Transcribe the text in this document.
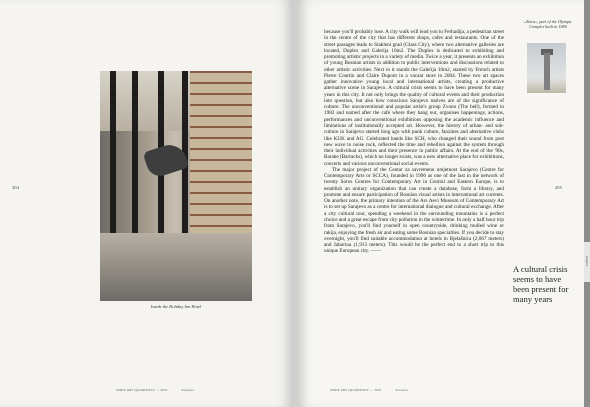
204
Inside the Holiday Inn Hotel
SPIKE ART QUARTERLY — 2019	Sarajevo

because you'll probably lose. A city walk will lead you to Ferhadija, a pedestrian street in the centre of the city that has different shops, cafes and restaurants. One of the street passages leads to Stakleni grad (Glass City), where two alternative galleries are located, Duplex and Galerija 10m2. The Duplex is dedicated to exhibiting and promoting artistic projects in a variety of media. Twice a year, it presents an exhibition of young Bosnian artists in addition to public interventions and discussions related to other artistic activities. Next to it stands the Galerija 10m2, started by French artists Pierre Courtin and Claire Dupont in a vacant store in 2004. These two art spaces gather innovative young local and international artists, creating a productive alternative scene in Sarajevo. A cultural crisis seems to have been present for many years in this city. It not only brings the quality of cultural events and their production into question, but also how conscious Sarajevo natives are of the significance of culture. The unconventional and popular artist's group Zvono (The bell), formed in 1982 and named after the café where they hang out, organises happenings, actions, performances and unconventional exhibitions opposing the academic influence and limitations of institutionally accepted art. However, the history of urban- and sub-culture in Sarajevo started long ago with punk culture, fanzines and alternative clubs like KUK and AG. Celebrated bands like SCH, who changed their sound from post new wave to noise rock, reflected the time and rebellion against the system through their individual activities and their presence in public affairs. At the end of the '90s, Barake (Barracks), which no longer exists, was a new alternative place for exhibitions, concerts and various unconventional social events.

The major project of the Centar za savremenu umjetnost Sarajevo (Centre for Contemporary Arts or SCCA), founded in 1996 as one of the last in the network of twenty Soros Centres for Contemporary Art in Central and Eastern Europe, is to establish an unitary organization that can create a database, form a library, and promote and ensure participation of Bosnian visual artists in international art currents. On another note, the primary intention of the Ars Aevi Museum of Contemporary Art is to set up Sarajevo as a centre for international dialogue and cultural exchange. After a city cultural tour, spending a weekend in the surrounding mountains is a perfect choice and a great escape from city pollution in the wintertime. In only a half hour trip from Sarajevo, you'll find yourself in open countryside, drinking mulled wine or rakija, enjoying the fresh air and eating some Bosnian specialties. If you decide to stay overnight, you'll find suitable accommodation at hotels in Bjelašnica (2,067 meters) and Jahorina (1,913 meters). This would be the perfect end to a short trip to this unique European city. ——

»Zetra«, part of the Olympic Complex built in 1984
205
A cultural crisis seems to have been present for many years
SPIKE ART QUARTERLY — 2019	Sarajevo
Sarajevo
